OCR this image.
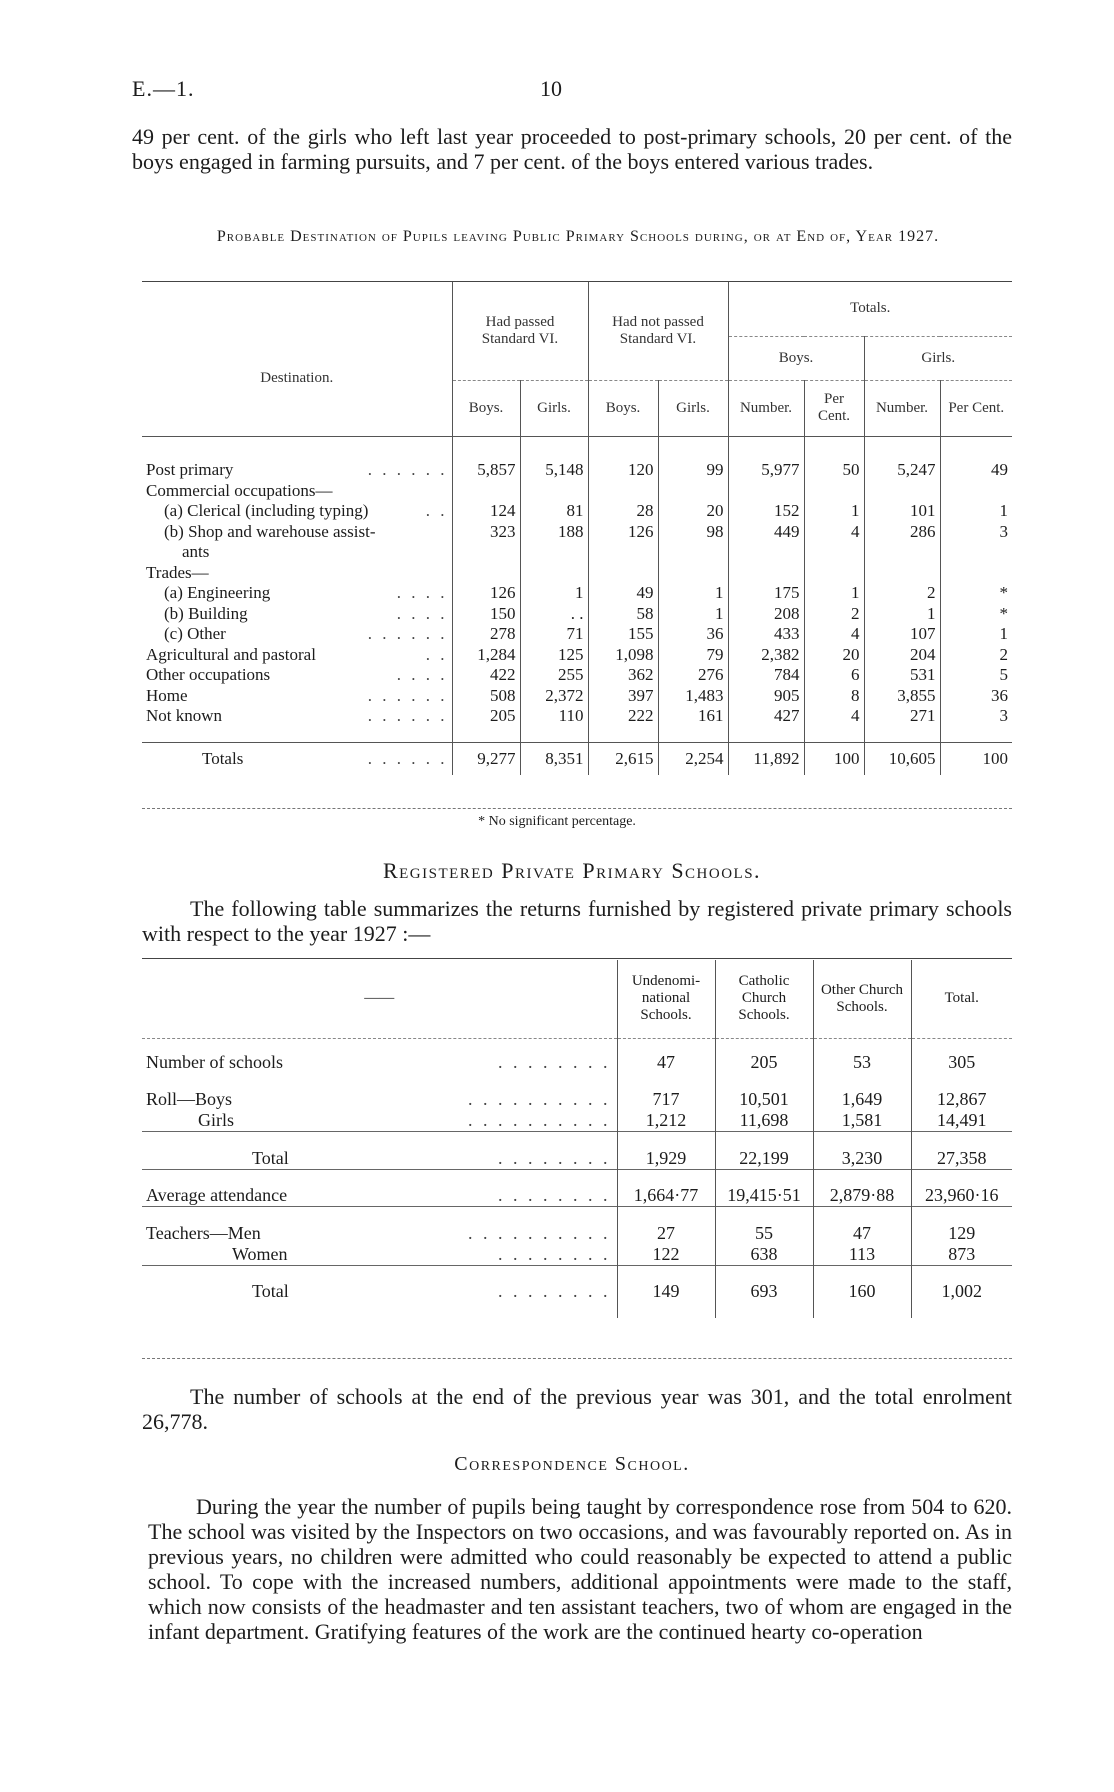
E.—1.	10
49 per cent. of the girls who left last year proceeded to post-primary schools, 20 per cent. of the boys engaged in farming pursuits, and 7 per cent. of the boys entered various trades.
Probable Destination of Pupils leaving Public Primary Schools during, or at End of, Year 1927.
Destination.	Had passed Standard VI.		Had not passed Standard VI.		Totals.			
					Boys.		Girls.	
	Boys.	Girls.	Boys.	Girls.	Number.	Per Cent.	Number.	Per Cent.

Post primary . . . . . .	5,857	5,148	120	99	5,977	50	5,247	49
Commercial occupations—								
(a) Clerical (including typing) . .	124	81	28	20	152	1	101	1
(b) Shop and warehouse assist-	323	188	126	98	449	4	286	3
ants								
Trades—								
(a) Engineering . . . .	126	1	49	1	175	1	2	*
(b) Building . . . .	150	. .	58	1	208	2	1	*
(c) Other . . . . . .	278	71	155	36	433	4	107	1
Agricultural and pastoral . .	1,284	125	1,098	79	2,382	20	204	2
Other occupations . . . .	422	255	362	276	784	6	531	5
Home . . . . . .	508	2,372	397	1,483	905	8	3,855	36
Not known . . . . . .	205	110	222	161	427	4	271	3

Totals . . . . . .	9,277	8,351	2,615	2,254	11,892	100	10,605	100
* No significant percentage.
Registered Private Primary Schools.
The following table summarizes the returns furnished by registered private primary schools with respect to the year 1927 :—
——	Undenomi-national Schools.	Catholic Church Schools.	Other Church Schools.	Total.

Number of schools . . . . . . . .	47	205	53	305

Roll—Boys . . . . . . . . . .	717	10,501	1,649	12,867
Girls . . . . . . . . . .	1,212	11,698	1,581	14,491

Total . . . . . . . .	1,929	22,199	3,230	27,358

Average attendance . . . . . . . .	1,664·77	19,415·51	2,879·88	23,960·16

Teachers—Men . . . . . . . . . .	27	55	47	129
Women . . . . . . . .	122	638	113	873

Total . . . . . . . .	149	693	160	1,002

The number of schools at the end of the previous year was 301, and the total enrolment 26,778.
Correspondence School.
During the year the number of pupils being taught by correspondence rose from 504 to 620. The school was visited by the Inspectors on two occasions, and was favourably reported on. As in previous years, no children were admitted who could reasonably be expected to attend a public school. To cope with the increased numbers, additional appointments were made to the staff, which now consists of the headmaster and ten assistant teachers, two of whom are engaged in the infant department. Gratifying features of the work are the continued hearty co-operation
